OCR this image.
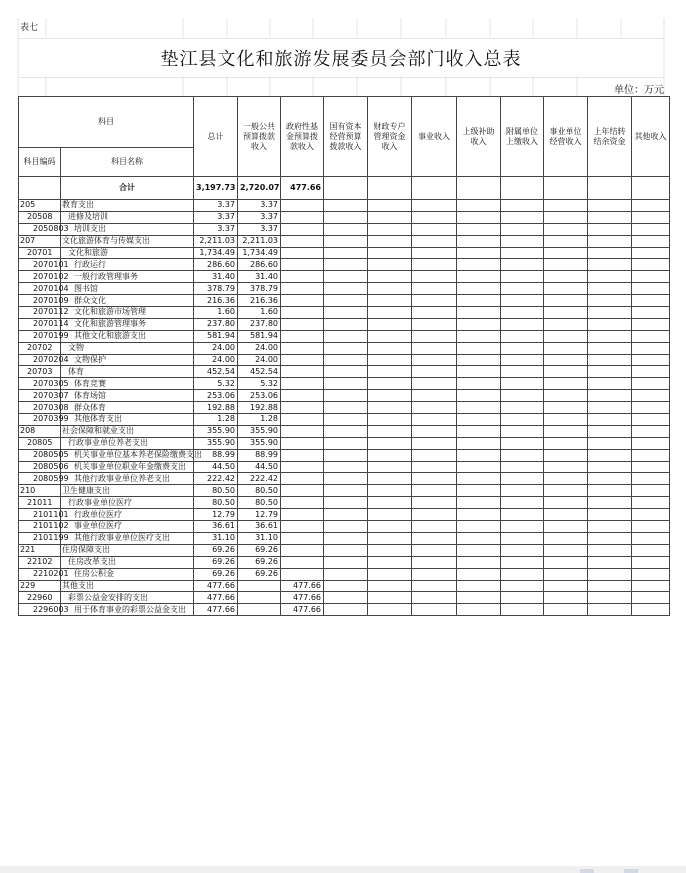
表七
垫江县文化和旅游发展委员会部门收入总表
单位：万元
科目		总计	一般公共预算拨款收入	政府性基金预算拨款收入	国有资本经营预算拨款收入	财政专户管理资金收入	事业收入	上级补助收入	附属单位上缴收入	事业单位经营收入	上年结转结余资金	其他收入
科目编码	科目名称											
	合计	3,197.73	2,720.07	477.66								
205	教育支出	3.37	3.37									
20508	进修及培训	3.37	3.37									
2050803	培训支出	3.37	3.37									
207	文化旅游体育与传媒支出	2,211.03	2,211.03									
20701	文化和旅游	1,734.49	1,734.49									
2070101	行政运行	286.60	286.60									
2070102	一般行政管理事务	31.40	31.40									
2070104	图书馆	378.79	378.79									
2070109	群众文化	216.36	216.36									
2070112	文化和旅游市场管理	1.60	1.60									
2070114	文化和旅游管理事务	237.80	237.80									
2070199	其他文化和旅游支出	581.94	581.94									
20702	文物	24.00	24.00									
2070204	文物保护	24.00	24.00									
20703	体育	452.54	452.54									
2070305	体育竞赛	5.32	5.32									
2070307	体育场馆	253.06	253.06									
2070308	群众体育	192.88	192.88									
2070399	其他体育支出	1.28	1.28									
208	社会保障和就业支出	355.90	355.90									
20805	行政事业单位养老支出	355.90	355.90									
2080505	机关事业单位基本养老保险缴费支出	88.99	88.99									
2080506	机关事业单位职业年金缴费支出	44.50	44.50									
2080599	其他行政事业单位养老支出	222.42	222.42									
210	卫生健康支出	80.50	80.50									
21011	行政事业单位医疗	80.50	80.50									
2101101	行政单位医疗	12.79	12.79									
2101102	事业单位医疗	36.61	36.61									
2101199	其他行政事业单位医疗支出	31.10	31.10									
221	住房保障支出	69.26	69.26									
22102	住房改革支出	69.26	69.26									
2210201	住房公积金	69.26	69.26									
229	其他支出	477.66		477.66								
22960	彩票公益金安排的支出	477.66		477.66								
2296003	用于体育事业的彩票公益金支出	477.66		477.66								
